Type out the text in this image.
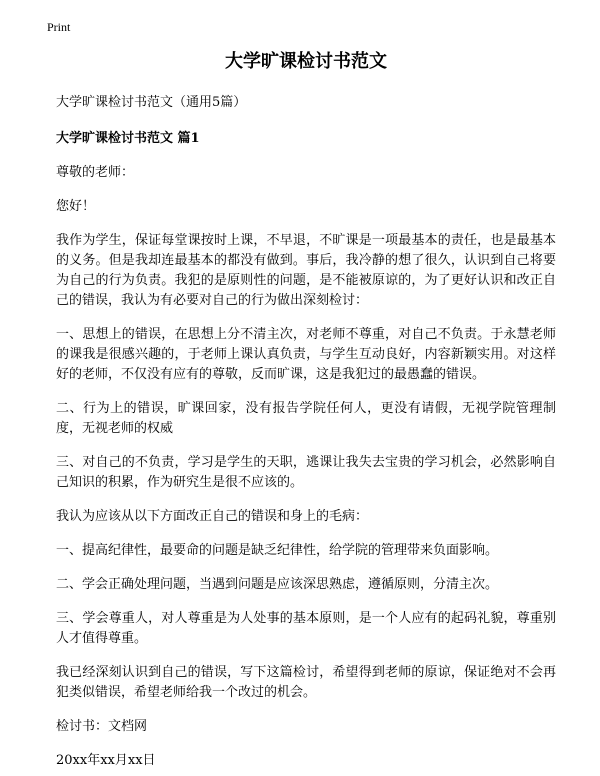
Print
大学旷课检讨书范文
大学旷课检讨书范文（通用5篇）
大学旷课检讨书范文 篇1

尊敬的老师：

您好！

我作为学生，保证每堂课按时上课，不早退，不旷课是一项最基本的责任，也是最基本的义务。但是我却连最基本的都没有做到。事后，我冷静的想了很久，认识到自己将要为自己的行为负责。我犯的是原则性的问题，是不能被原谅的，为了更好认识和改正自己的错误，我认为有必要对自己的行为做出深刻检讨：

一、思想上的错误，在思想上分不清主次，对老师不尊重，对自己不负责。于永慧老师的课我是很感兴趣的，于老师上课认真负责，与学生互动良好，内容新颖实用。对这样好的老师，不仅没有应有的尊敬，反而旷课，这是我犯过的最愚蠢的错误。

二、行为上的错误，旷课回家，没有报告学院任何人，更没有请假，无视学院管理制度，无视老师的权威

三、对自己的不负责，学习是学生的天职，逃课让我失去宝贵的学习机会，必然影响自己知识的积累，作为研究生是很不应该的。

我认为应该从以下方面改正自己的错误和身上的毛病：

一、提高纪律性，最要命的问题是缺乏纪律性，给学院的管理带来负面影响。

二、学会正确处理问题，当遇到问题是应该深思熟虑，遵循原则，分清主次。

三、学会尊重人，对人尊重是为人处事的基本原则，是一个人应有的起码礼貌，尊重别人才值得尊重。

我已经深刻认识到自己的错误，写下这篇检讨，希望得到老师的原谅，保证绝对不会再犯类似错误，希望老师给我一个改过的机会。

检讨书：文档网

20xx年xx月xx日
